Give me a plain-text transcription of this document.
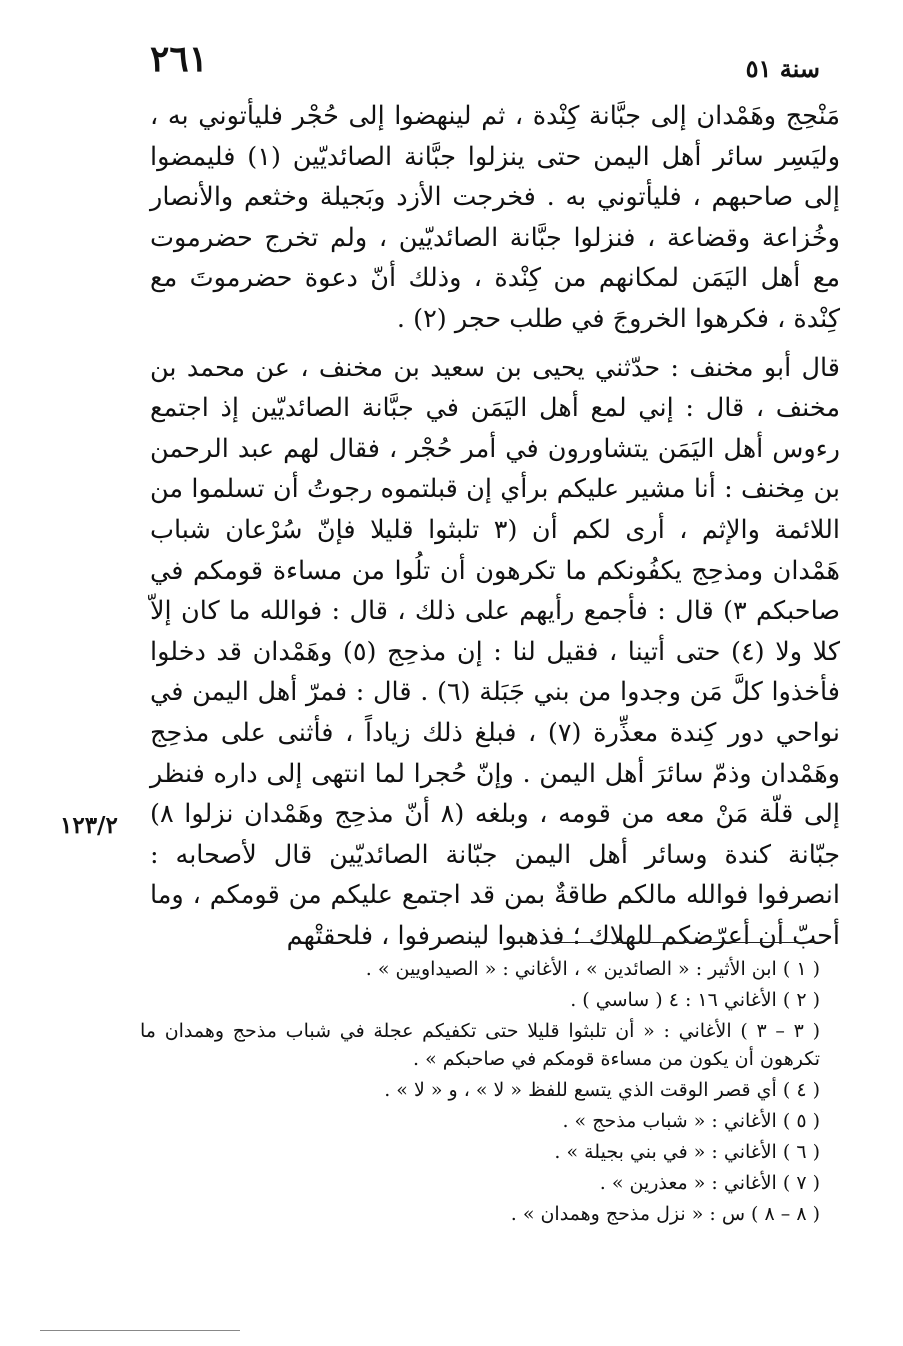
٢٦١	سنة ٥١

مَنْحِج وهَمْدان إلى جبَّانة كِنْدة ، ثم لينهضوا إلى حُجْر فليأتوني به ، وليَسِر سائر أهل اليمن حتى ينزلوا جبَّانة الصائديّين (١) فليمضوا إلى صاحبهم ، فليأتوني به . فخرجت الأزد وبَجيلة وخثعم والأنصار وخُزاعة وقضاعة ، فنزلوا جبَّانة الصائديّين ، ولم تخرج حضرموت مع أهل اليَمَن لمكانهم من كِنْدة ، وذلك أنّ دعوة حضرموتَ مع كِنْدة ، فكرهوا الخروجَ في طلب حجر (٢) .

قال أبو مخنف : حدّثني يحيى بن سعيد بن مخنف ، عن محمد بن مخنف ، قال : إني لمع أهل اليَمَن في جبَّانة الصائديّين إذ اجتمع رءوس أهل اليَمَن يتشاورون في أمر حُجْر ، فقال لهم عبد الرحمن بن مِخنف : أنا مشير عليكم برأي إن قبلتموه رجوتُ أن تسلموا من اللائمة والإثم ، أرى لكم أن (٣ تلبثوا قليلا فإنّ سُرْعان شباب هَمْدان ومذحِج يكفُونكم ما تكرهون أن تلُوا من مساءة قومكم في صاحبكم ٣) قال : فأجمع رأيهم على ذلك ، قال : فوالله ما كان إلاّ كلا ولا (٤) حتى أتينا ، فقيل لنا : إن مذحِج (٥) وهَمْدان قد دخلوا فأخذوا كلَّ مَن وجدوا من بني جَبَلة (٦) . قال : فمرّ أهل اليمن في نواحي دور كِندة معذِّرة (٧) ، فبلغ ذلك زياداً ، فأثنى على مذحِج وهَمْدان وذمّ سائرَ أهل اليمن . وإنّ حُجرا لما انتهى إلى داره فنظر إلى قلّة مَنْ معه من قومه ، وبلغه (٨ أنّ مذحِج وهَمْدان نزلوا ٨) جبّانة كندة وسائر أهل اليمن جبّانة الصائديّين قال لأصحابه : انصرفوا فوالله مالكم طاقةٌ بمن قد اجتمع عليكم من قومكم ، وما أحبّ أن أعرّضكم للهلاك ؛ فذهبوا لينصرفوا ، فلحقتْهم

١٢٣/٢

( ١ ) ابن الأثير : « الصائدين » ، الأغاني : « الصيداويين » .

( ٢ ) الأغاني ١٦ : ٤ ( ساسي ) .

( ٣ – ٣ ) الأغاني : « أن تلبثوا قليلا حتى تكفيكم عجلة في شباب مذحج وهمدان ما تكرهون أن يكون من مساءة قومكم في صاحبكم » .

( ٤ ) أي قصر الوقت الذي يتسع للفظ « لا » ، و « لا » .

( ٥ ) الأغاني : « شباب مذحج » .

( ٦ ) الأغاني : « في بني بجيلة » .

( ٧ ) الأغاني : « معذرين » .

( ٨ – ٨ ) س : « نزل مذحج وهمدان » .
